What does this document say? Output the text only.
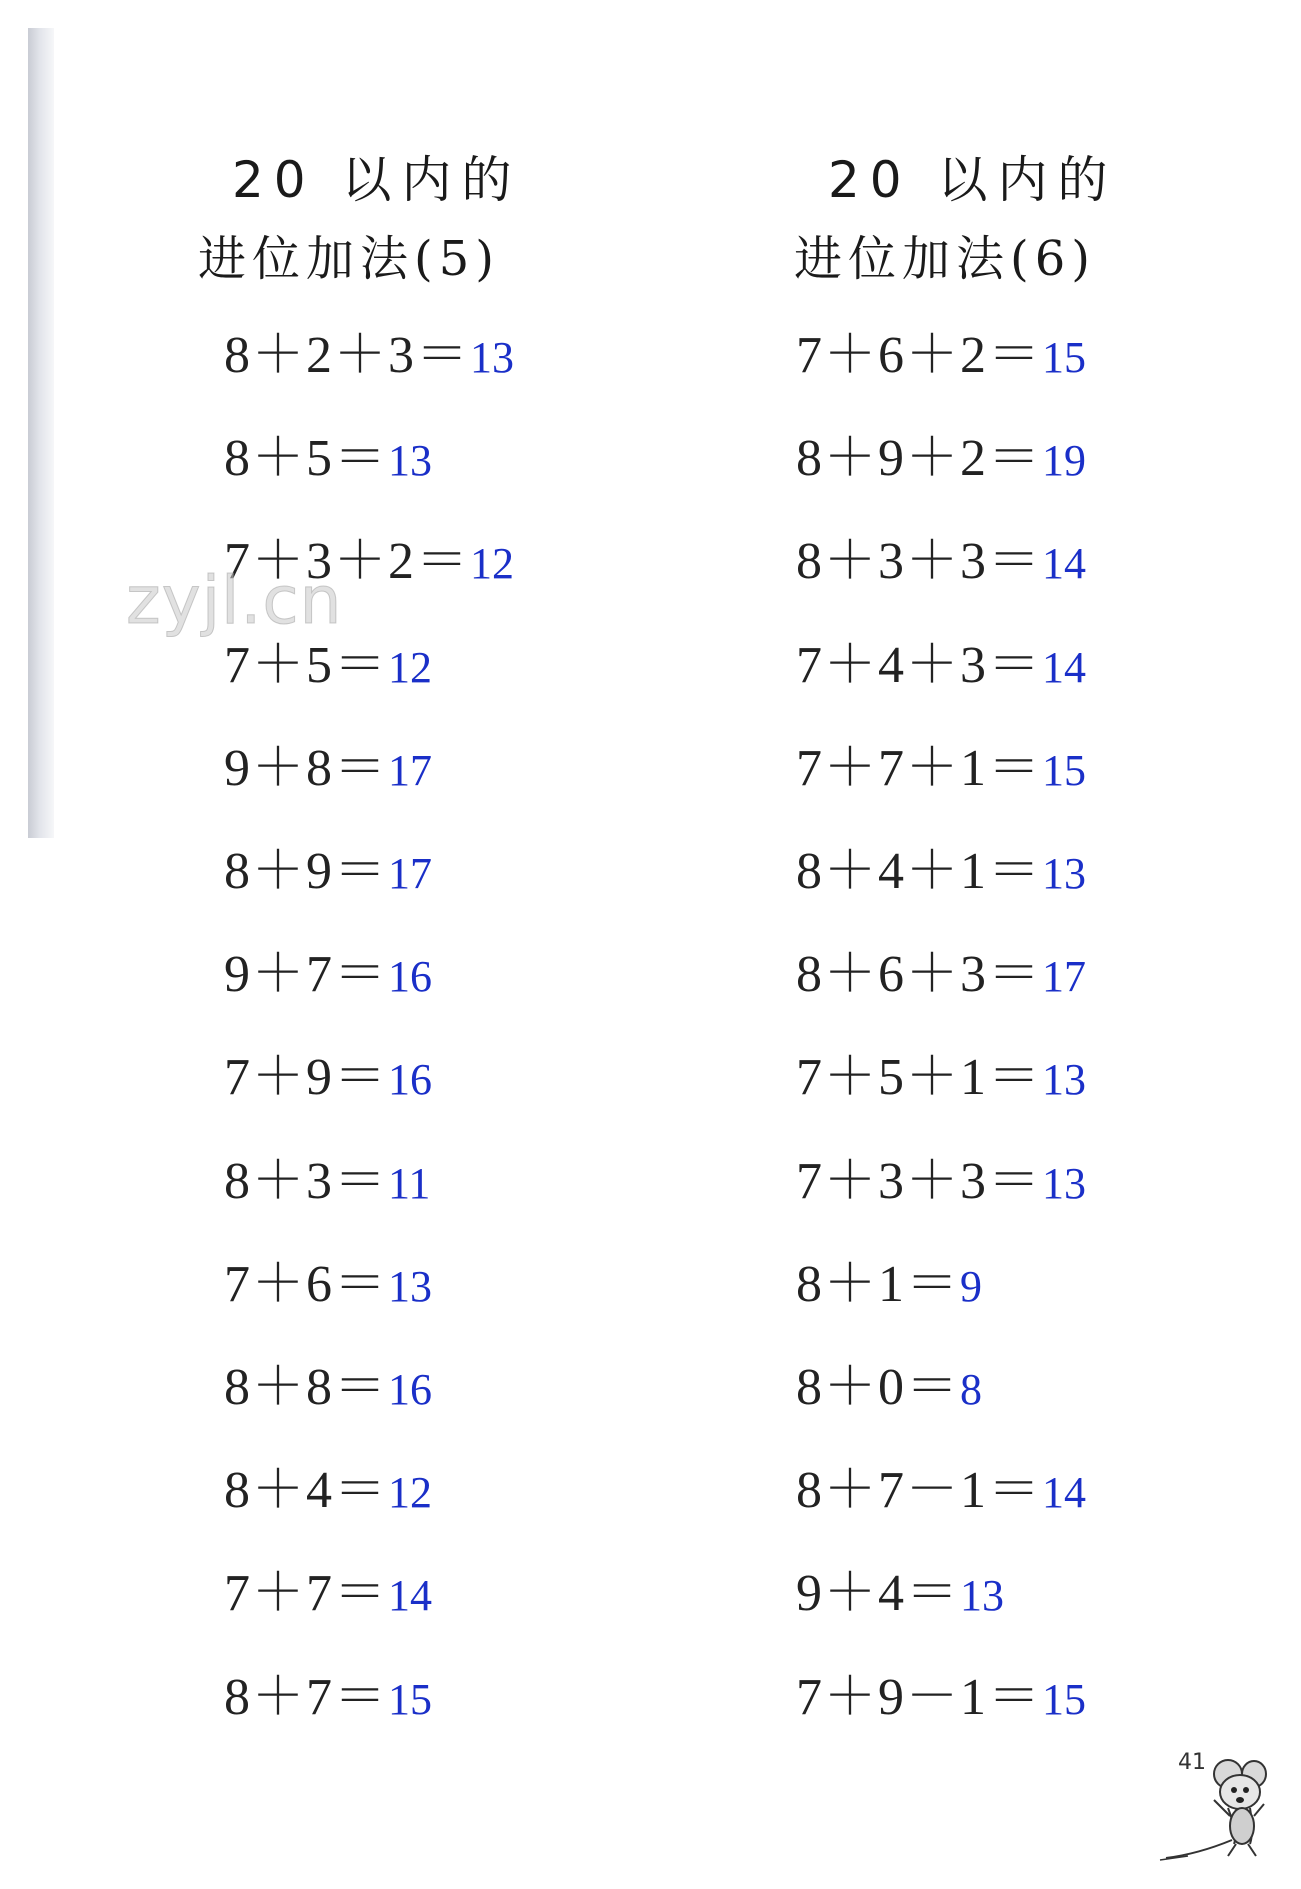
20 以内的
进位加法(5)
8＋2＋3＝13
8＋5＝13
7＋3＋2＝12
7＋5＝12
9＋8＝17
8＋9＝17
9＋7＝16
7＋9＝16
8＋3＝11
7＋6＝13
8＋8＝16
8＋4＝12
7＋7＝14
8＋7＝15
20 以内的
进位加法(6)
7＋6＋2＝15
8＋9＋2＝19
8＋3＋3＝14
7＋4＋3＝14
7＋7＋1＝15
8＋4＋1＝13
8＋6＋3＝17
7＋5＋1＝13
7＋3＋3＝13
8＋1＝9
8＋0＝8
8＋7－1＝14
9＋4＝13
7＋9－1＝15
zyjl.cn
41
